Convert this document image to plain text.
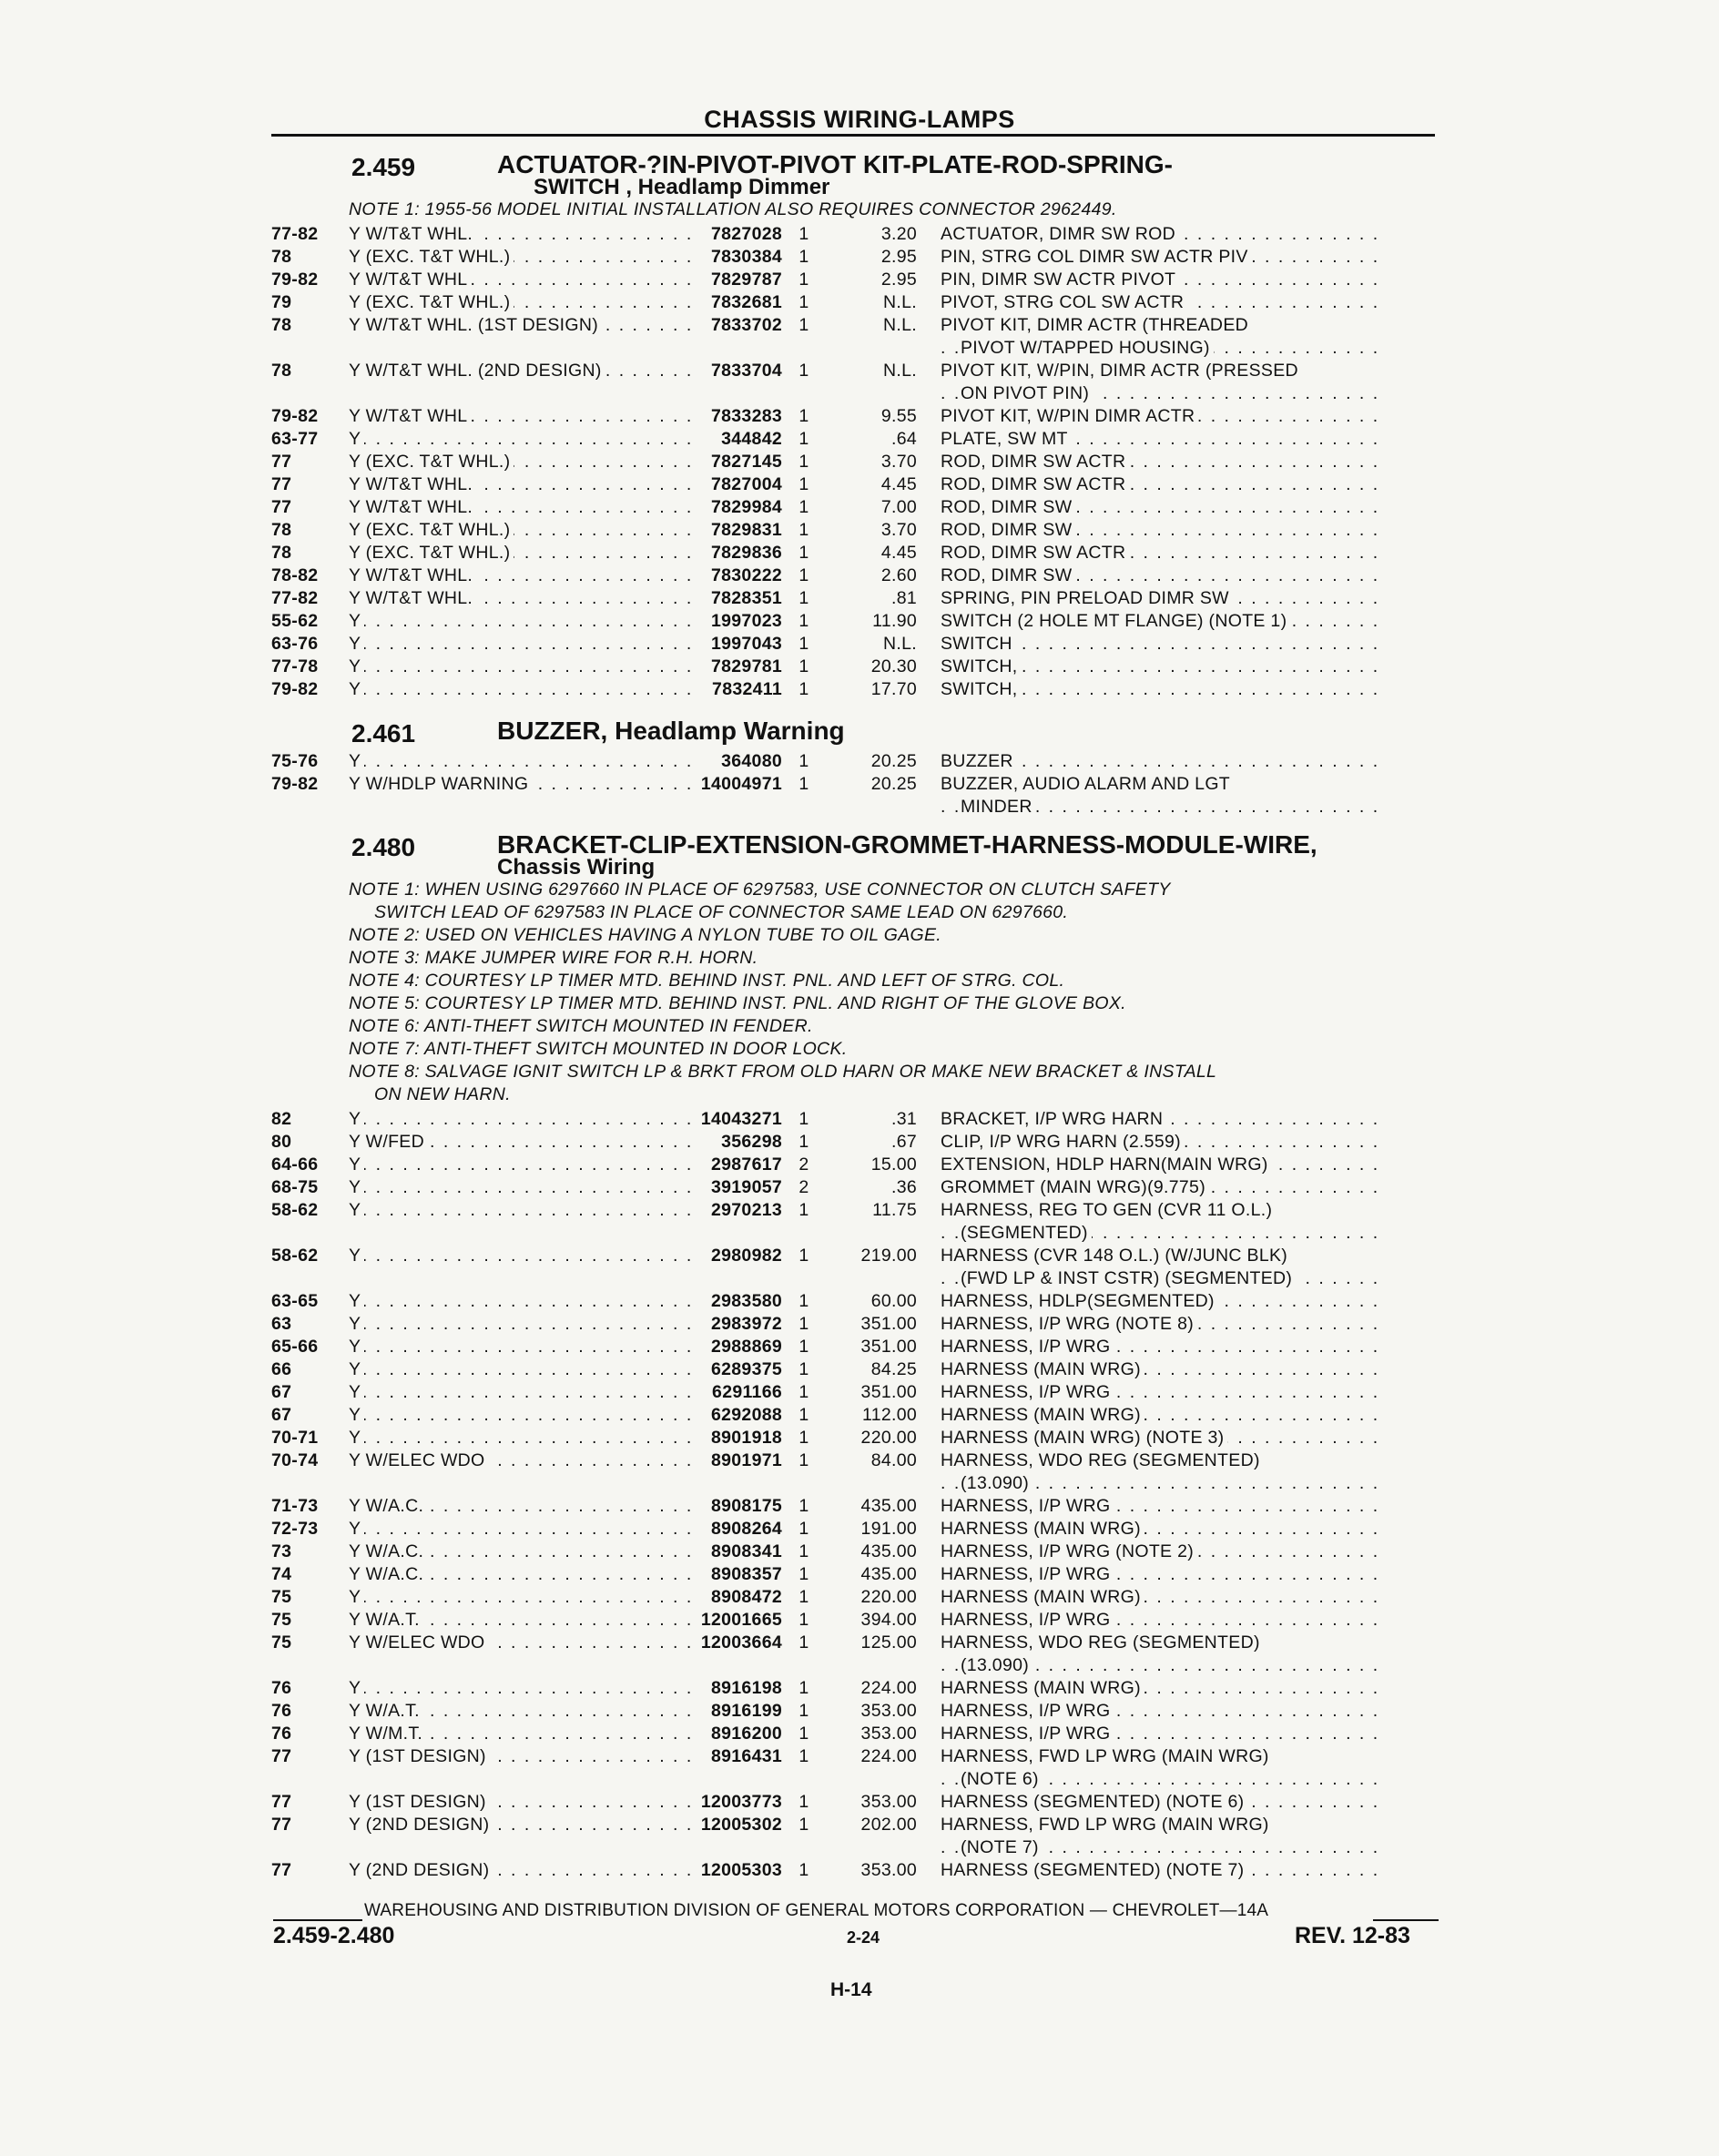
CHASSIS WIRING-LAMPS
2.459	ACTUATOR-?IN-PIVOT-PIVOT KIT-PLATE-ROD-SPRING-
SWITCH , Headlamp Dimmer
NOTE 1: 1955-56 MODEL INITIAL INSTALLATION ALSO REQUIRES CONNECTOR 2962449.
77-82	Y W/T&T WHL. . . .	7827028 1	3.20 ACTUATOR, DIMR SW ROD . . .
78	Y (EXC. T&T WHL.) . . .	7830384 1	2.95 PIN, STRG COL DIMR SW ACTR PIV . . .
79-82	Y W/T&T WHL . . .	7829787 1	2.95 PIN, DIMR SW ACTR PIVOT . . .
79	Y (EXC. T&T WHL.) . . .	7832681 1	N.L. PIVOT, STRG COL SW ACTR . . .
78	Y W/T&T WHL. (1ST DESIGN) . . .	7833702 1	N.L. PIVOT KIT, DIMR ACTR (THREADED
PIVOT W/TAPPED HOUSING) . . .
78	Y W/T&T WHL. (2ND DESIGN) . . .	7833704 1	N.L. PIVOT KIT, W/PIN, DIMR ACTR (PRESSED
ON PIVOT PIN) . . .
79-82	Y W/T&T WHL . . .	7833283 1	9.55 PIVOT KIT, W/PIN DIMR ACTR . . .
63-77	Y . . .	344842 1	.64 PLATE, SW MT . . .
77	Y (EXC. T&T WHL.) . . .	7827145 1	3.70 ROD, DIMR SW ACTR . . .
77	Y W/T&T WHL. . . .	7827004 1	4.45 ROD, DIMR SW ACTR . . .
77	Y W/T&T WHL. . . .	7829984 1	7.00 ROD, DIMR SW . . .
78	Y (EXC. T&T WHL.) . . .	7829831 1	3.70 ROD, DIMR SW . . .
78	Y (EXC. T&T WHL.) . . .	7829836 1	4.45 ROD, DIMR SW ACTR . . .
78-82	Y W/T&T WHL. . . .	7830222 1	2.60 ROD, DIMR SW . . .
77-82	Y W/T&T WHL. . . .	7828351 1	.81 SPRING, PIN PRELOAD DIMR SW . . .
55-62	Y . . .	1997023 1	11.90 SWITCH (2 HOLE MT FLANGE) (NOTE 1) . . .
63-76	Y . . .	1997043 1	N.L. SWITCH . . .
77-78	Y . . .	7829781 1	20.30 SWITCH, . . .
79-82	Y . . .	7832411 1	17.70 SWITCH, . . .
2.461	BUZZER, Headlamp Warning
75-76	Y . . .	364080 1	20.25 BUZZER . . .
79-82	Y W/HDLP WARNING . . .	14004971 1	20.25 BUZZER, AUDIO ALARM AND LGT
MINDER . . .
2.480	BRACKET-CLIP-EXTENSION-GROMMET-HARNESS-MODULE-WIRE,
Chassis Wiring
NOTE 1: WHEN USING 6297660 IN PLACE OF 6297583, USE CONNECTOR ON CLUTCH SAFETY
SWITCH LEAD OF 6297583 IN PLACE OF CONNECTOR SAME LEAD ON 6297660.
NOTE 2: USED ON VEHICLES HAVING A NYLON TUBE TO OIL GAGE.
NOTE 3: MAKE JUMPER WIRE FOR R.H. HORN.
NOTE 4: COURTESY LP TIMER MTD. BEHIND INST. PNL. AND LEFT OF STRG. COL.
NOTE 5: COURTESY LP TIMER MTD. BEHIND INST. PNL. AND RIGHT OF THE GLOVE BOX.
NOTE 6: ANTI-THEFT SWITCH MOUNTED IN FENDER.
NOTE 7: ANTI-THEFT SWITCH MOUNTED IN DOOR LOCK.
NOTE 8: SALVAGE IGNIT SWITCH LP & BRKT FROM OLD HARN OR MAKE NEW BRACKET & INSTALL
ON NEW HARN.
82	Y . . .	14043271 1	.31 BRACKET, I/P WRG HARN . . .
80	Y W/FED . . .	356298 1	.67 CLIP, I/P WRG HARN (2.559) . . .
64-66	Y . . .	2987617 2	15.00 EXTENSION, HDLP HARN(MAIN WRG) . . .
68-75	Y . . .	3919057 2	.36 GROMMET (MAIN WRG)(9.775) . . .
58-62	Y . . .	2970213 1	11.75 HARNESS, REG TO GEN (CVR 11 O.L.)
(SEGMENTED) . . .
58-62	Y . . .	2980982 1	219.00 HARNESS (CVR 148 O.L.) (W/JUNC BLK)
(FWD LP & INST CSTR) (SEGMENTED) . . .
63-65	Y . . .	2983580 1	60.00 HARNESS, HDLP(SEGMENTED) . . .
63	Y . . .	2983972 1	351.00 HARNESS, I/P WRG (NOTE 8) . . .
65-66	Y . . .	2988869 1	351.00 HARNESS, I/P WRG . . .
66	Y . . .	6289375 1	84.25 HARNESS (MAIN WRG) . . .
67	Y . . .	6291166 1	351.00 HARNESS, I/P WRG . . .
67	Y . . .	6292088 1	112.00 HARNESS (MAIN WRG) . . .
70-71	Y . . .	8901918 1	220.00 HARNESS (MAIN WRG) (NOTE 3) . . .
70-74	Y W/ELEC WDO . . .	8901971 1	84.00 HARNESS, WDO REG (SEGMENTED)
(13.090) . . .
71-73	Y W/A.C. . . .	8908175 1	435.00 HARNESS, I/P WRG . . .
72-73	Y . . .	8908264 1	191.00 HARNESS (MAIN WRG) . . .
73	Y W/A.C. . . .	8908341 1	435.00 HARNESS, I/P WRG (NOTE 2) . . .
74	Y W/A.C. . . .	8908357 1	435.00 HARNESS, I/P WRG . . .
75	Y . . .	8908472 1	220.00 HARNESS (MAIN WRG) . . .
75	Y W/A.T. . . .	12001665 1	394.00 HARNESS, I/P WRG . . .
75	Y W/ELEC WDO . . .	12003664 1	125.00 HARNESS, WDO REG (SEGMENTED)
(13.090) . . .
76	Y . . .	8916198 1	224.00 HARNESS (MAIN WRG) . . .
76	Y W/A.T. . . .	8916199 1	353.00 HARNESS, I/P WRG . . .
76	Y W/M.T. . . .	8916200 1	353.00 HARNESS, I/P WRG . . .
77	Y (1ST DESIGN) . . .	8916431 1	224.00 HARNESS, FWD LP WRG (MAIN WRG)
(NOTE 6) . . .
77	Y (1ST DESIGN) . . .	12003773 1	353.00 HARNESS (SEGMENTED) (NOTE 6) . . .
77	Y (2ND DESIGN) . . .	12005302 1	202.00 HARNESS, FWD LP WRG (MAIN WRG)
(NOTE 7) . . .
77	Y (2ND DESIGN) . . .	12005303 1	353.00 HARNESS (SEGMENTED) (NOTE 7) . . .
WAREHOUSING AND DISTRIBUTION DIVISION OF GENERAL MOTORS CORPORATION — CHEVROLET—14A
2.459-2.480	2-24	REV. 12-83
H-14
